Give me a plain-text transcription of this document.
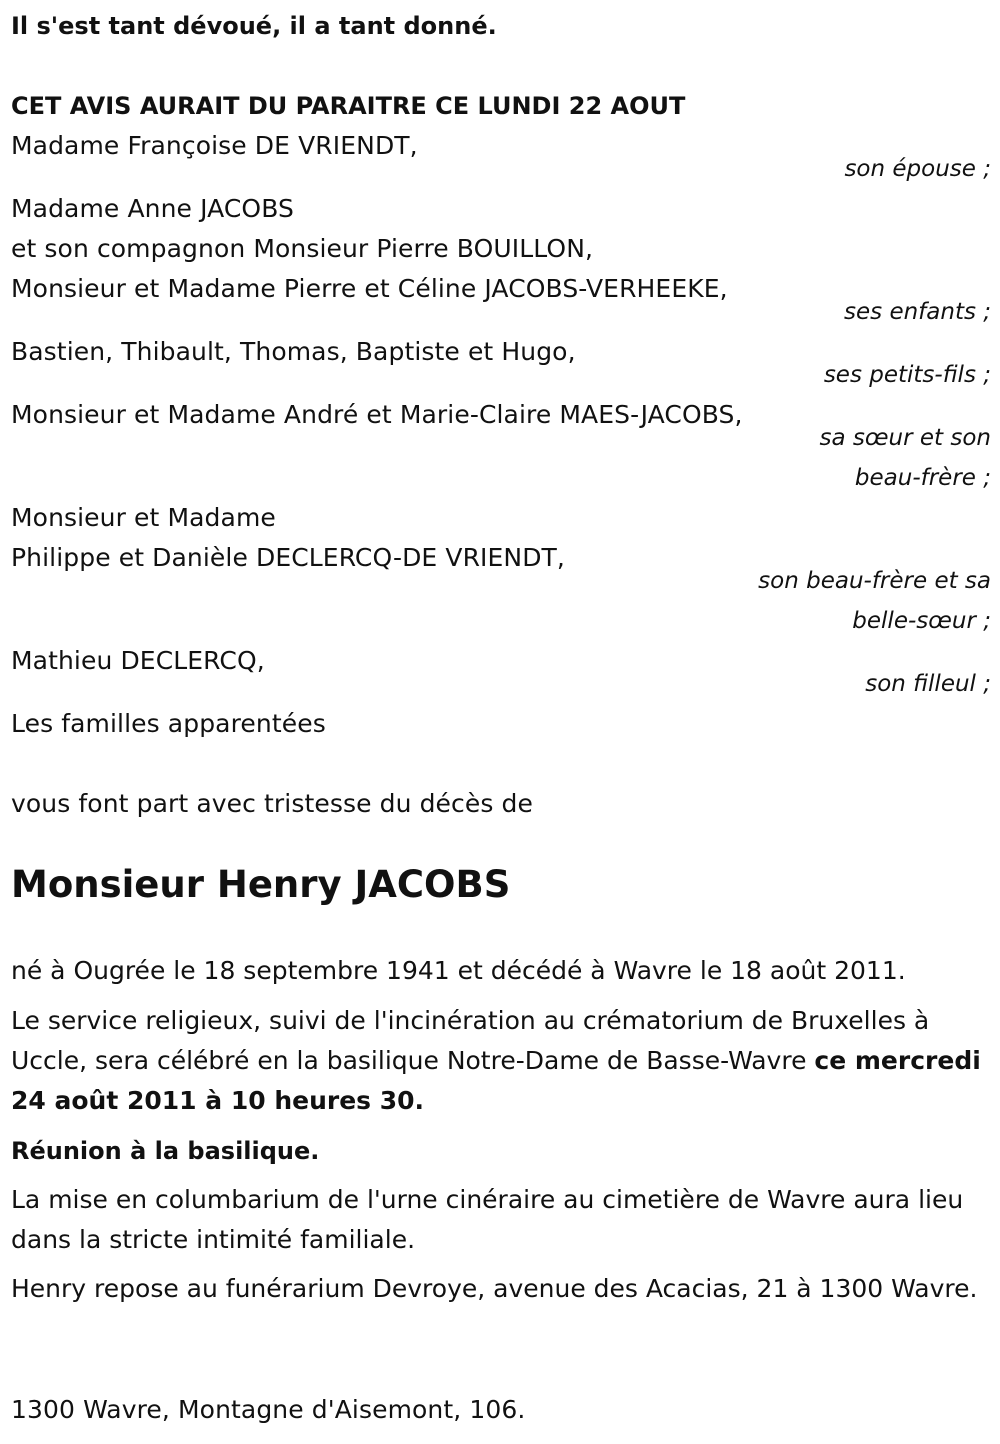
Il s'est tant dévoué, il a tant donné.
CET AVIS AURAIT DU PARAITRE CE LUNDI 22 AOUT
Madame Françoise DE VRIENDT,
son épouse ;
Madame Anne JACOBS
et son compagnon Monsieur Pierre BOUILLON,
Monsieur et Madame Pierre et Céline JACOBS-VERHEEKE,
ses enfants ;
Bastien, Thibault, Thomas, Baptiste et Hugo,
ses petits-fils ;
Monsieur et Madame André et Marie-Claire MAES-JACOBS,
sa sœur et son
beau-frère ;
Monsieur et Madame
Philippe et Danièle DECLERCQ-DE VRIENDT,
son beau-frère et sa
belle-sœur ;
Mathieu DECLERCQ,
son filleul ;
Les familles apparentées
vous font part avec tristesse du décès de
Monsieur Henry JACOBS
né à Ougrée le 18 septembre 1941 et décédé à Wavre le 18 août 2011.
Le service religieux, suivi de l'incinération au crématorium de Bruxelles à Uccle, sera célébré en la basilique Notre-Dame de Basse-Wavre ce mercredi 24 août 2011 à 10 heures 30.
Réunion à la basilique.
La mise en columbarium de l'urne cinéraire au cimetière de Wavre aura lieu dans la stricte intimité familiale.
Henry repose au funérarium Devroye, avenue des Acacias, 21 à 1300 Wavre.
1300 Wavre, Montagne d'Aisemont, 106.
